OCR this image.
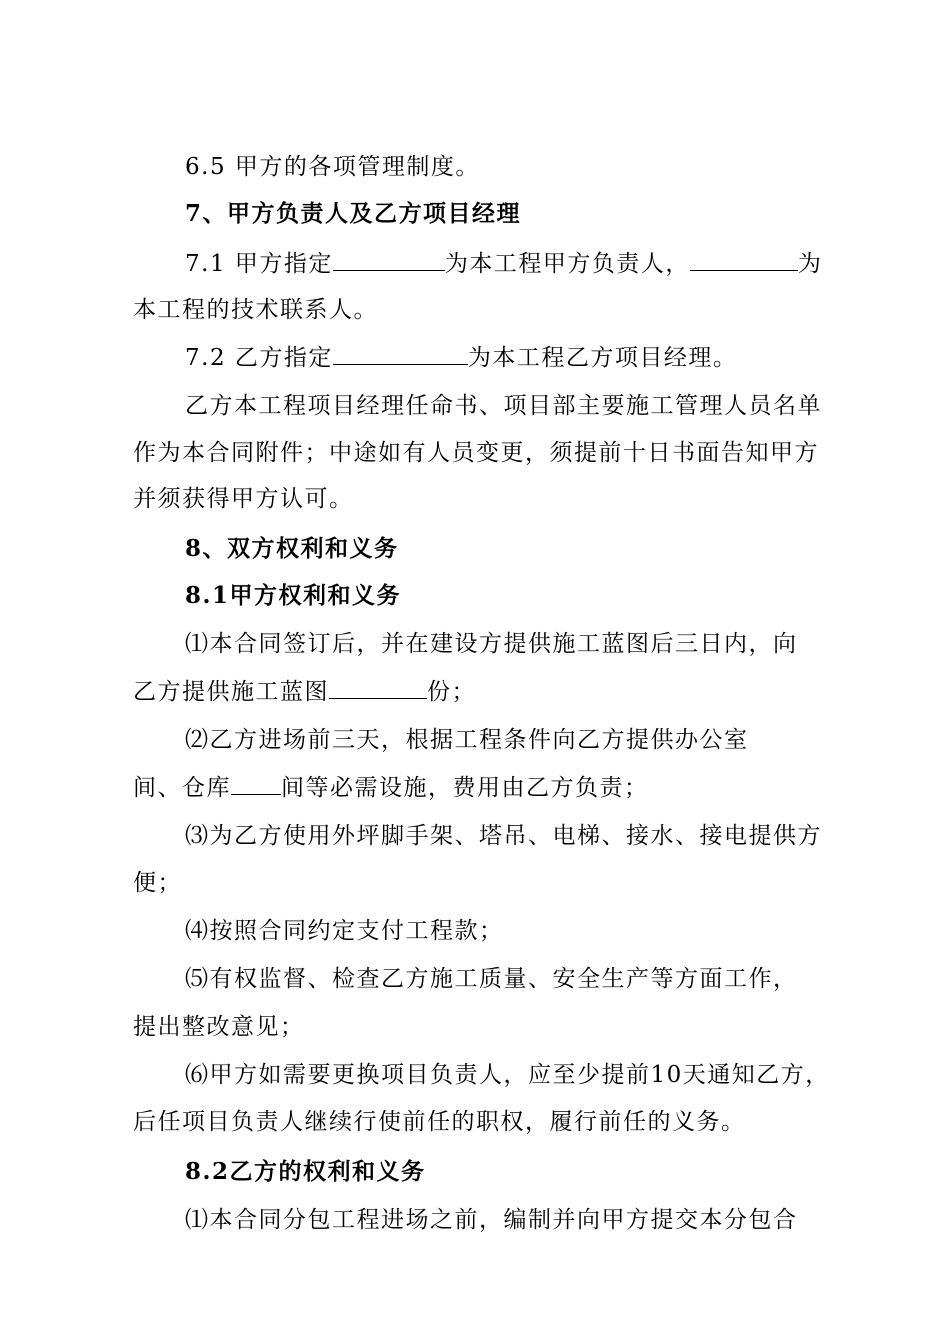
6.5 甲方的各项管理制度。
7、甲方负责人及乙方项目经理
7.1 甲方指定	为本工程甲方负责人，	为
本工程的技术联系人。
7.2 乙方指定	为本工程乙方项目经理。
乙方本工程项目经理任命书、项目部主要施工管理人员名单
作为本合同附件；中途如有人员变更，须提前十日书面告知甲方
并须获得甲方认可。
8、双方权利和义务
8.1甲方权利和义务
⑴本合同签订后，并在建设方提供施工蓝图后三日内，向
乙方提供施工蓝图	份；
⑵乙方进场前三天，根据工程条件向乙方提供办公室
间、仓库 间等必需设施，费用由乙方负责；
⑶为乙方使用外坪脚手架、塔吊、电梯、接水、接电提供方
便；
⑷按照合同约定支付工程款；
⑸有权监督、检查乙方施工质量、安全生产等方面工作，
提出整改意见；
⑹甲方如需要更换项目负责人，应至少提前10天通知乙方，
后任项目负责人继续行使前任的职权，履行前任的义务。
8.2乙方的权利和义务
⑴本合同分包工程进场之前，编制并向甲方提交本分包合
